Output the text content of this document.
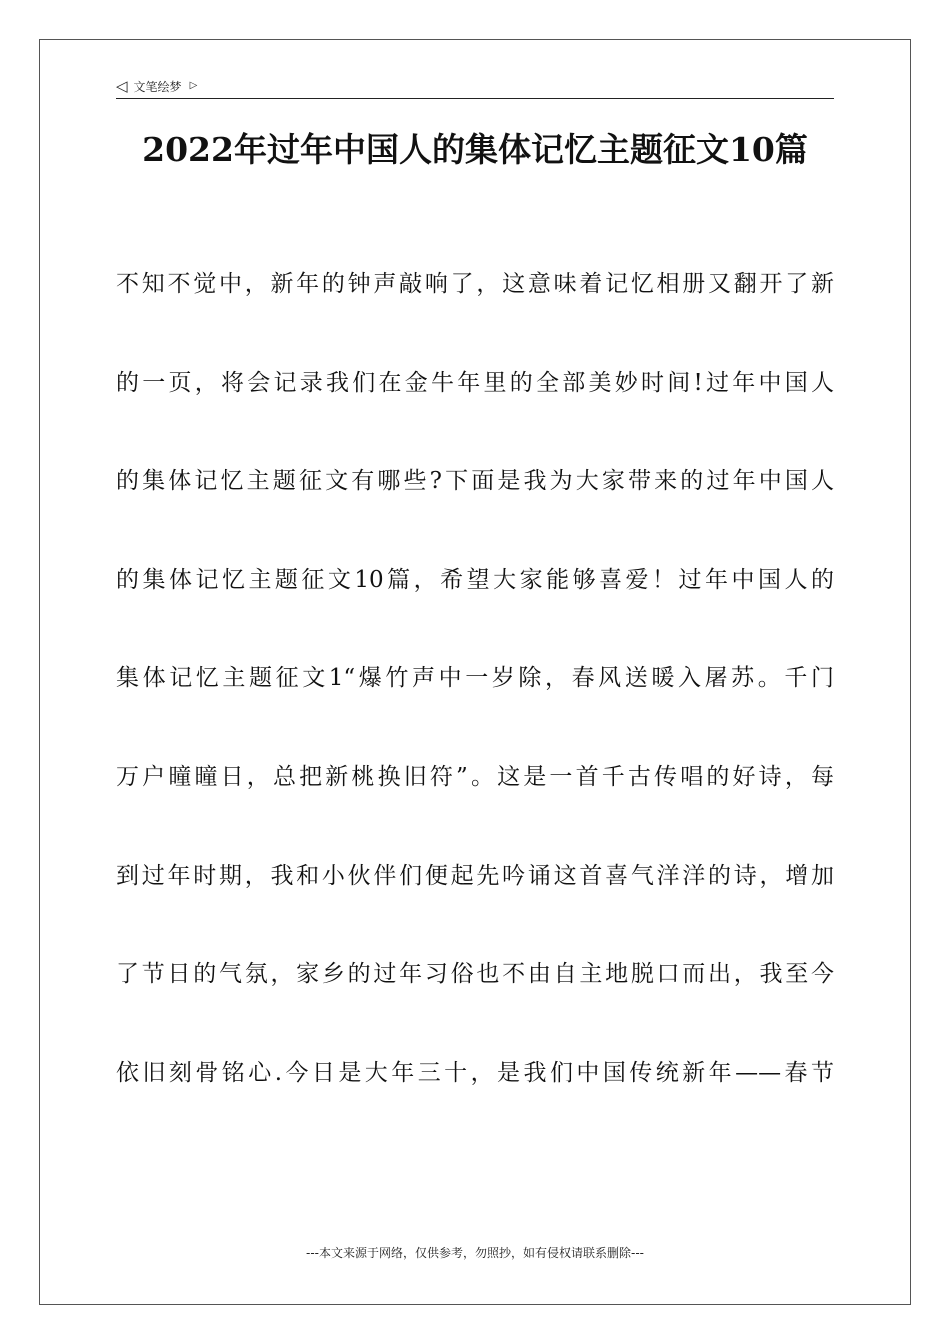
◁ 文笔绘梦 ▷
2022年过年中国人的集体记忆主题征文10篇
不知不觉中，新年的钟声敲响了，这意味着记忆相册又翻开了新
的一页，将会记录我们在金牛年里的全部美妙时间!过年中国人
的集体记忆主题征文有哪些?下面是我为大家带来的过年中国人
的集体记忆主题征文10篇，希望大家能够喜爱！过年中国人的
集体记忆主题征文1“爆竹声中一岁除，春风送暖入屠苏。千门
万户曈曈日，总把新桃换旧符”。这是一首千古传唱的好诗，每
到过年时期，我和小伙伴们便起先吟诵这首喜气洋洋的诗，增加
了节日的气氛，家乡的过年习俗也不由自主地脱口而出，我至今
依旧刻骨铭心.今日是大年三十，是我们中国传统新年——春节
---本文来源于网络，仅供参考，勿照抄，如有侵权请联系删除---
